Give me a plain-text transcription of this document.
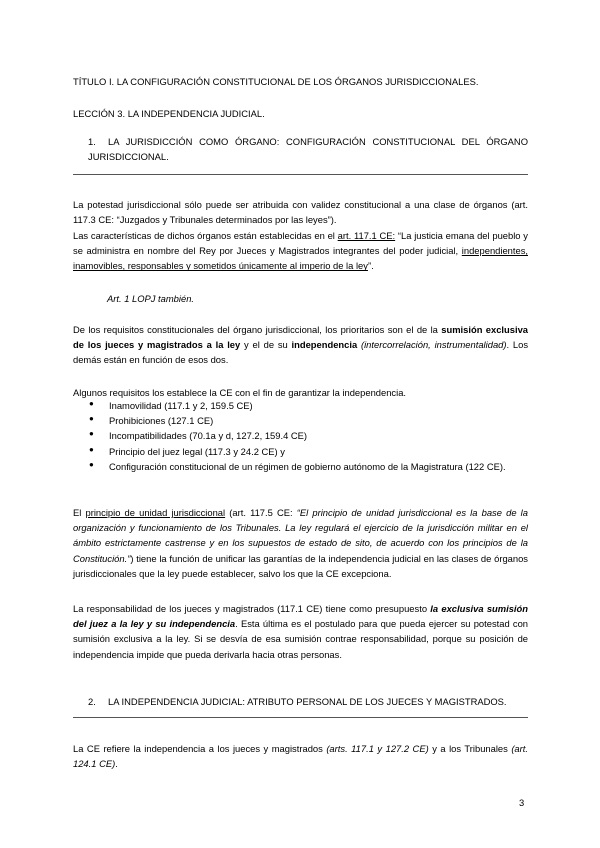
TÍTULO I. LA CONFIGURACIÓN CONSTITUCIONAL DE LOS ÓRGANOS JURISDICCIONALES.

LECCIÓN 3. LA INDEPENDENCIA JUDICIAL.

1. LA JURISDICCIÓN COMO ÓRGANO: CONFIGURACIÓN CONSTITUCIONAL DEL ÓRGANO JURISDICCIONAL.

La potestad jurisdiccional sólo puede ser atribuida con validez constitucional a una clase de órganos (art. 117.3 CE: “Juzgados y Tribunales determinados por las leyes”).

Las características de dichos órganos están establecidas en el art. 117.1 CE: “La justicia emana del pueblo y se administra en nombre del Rey por Jueces y Magistrados integrantes del poder judicial, independientes, inamovibles, responsables y sometidos únicamente al imperio de la ley”.

Art. 1 LOPJ también.

De los requisitos constitucionales del órgano jurisdiccional, los prioritarios son el de la sumisión exclusiva de los jueces y magistrados a la ley y el de su independencia (intercorrelación, instrumentalidad). Los demás están en función de esos dos.

Algunos requisitos los establece la CE con el fin de garantizar la independencia.

● Inamovilidad (117.1 y 2, 159.5 CE)
● Prohibiciones (127.1 CE)
● Incompatibilidades (70.1a y d, 127.2, 159.4 CE)
● Principio del juez legal (117.3 y 24.2 CE) y
● Configuración constitucional de un régimen de gobierno autónomo de la Magistratura (122 CE).

El principio de unidad jurisdiccional (art. 117.5 CE: “El principio de unidad jurisdiccional es la base de la organización y funcionamiento de los Tribunales. La ley regulará el ejercicio de la jurisdicción militar en el ámbito estrictamente castrense y en los supuestos de estado de sito, de acuerdo con los principios de la Constitución.”) tiene la función de unificar las garantías de la independencia judicial en las clases de órganos jurisdiccionales que la ley puede establecer, salvo los que la CE excepciona.

La responsabilidad de los jueces y magistrados (117.1 CE) tiene como presupuesto la exclusiva sumisión del juez a la ley y su independencia. Esta última es el postulado para que pueda ejercer su potestad con sumisión exclusiva a la ley. Si se desvía de esa sumisión contrae responsabilidad, porque su posición de independencia impide que pueda derivarla hacia otras personas.

2. LA INDEPENDENCIA JUDICIAL: ATRIBUTO PERSONAL DE LOS JUECES Y MAGISTRADOS.

La CE refiere la independencia a los jueces y magistrados (arts. 117.1 y 127.2 CE) y a los Tribunales (art. 124.1 CE).

3
